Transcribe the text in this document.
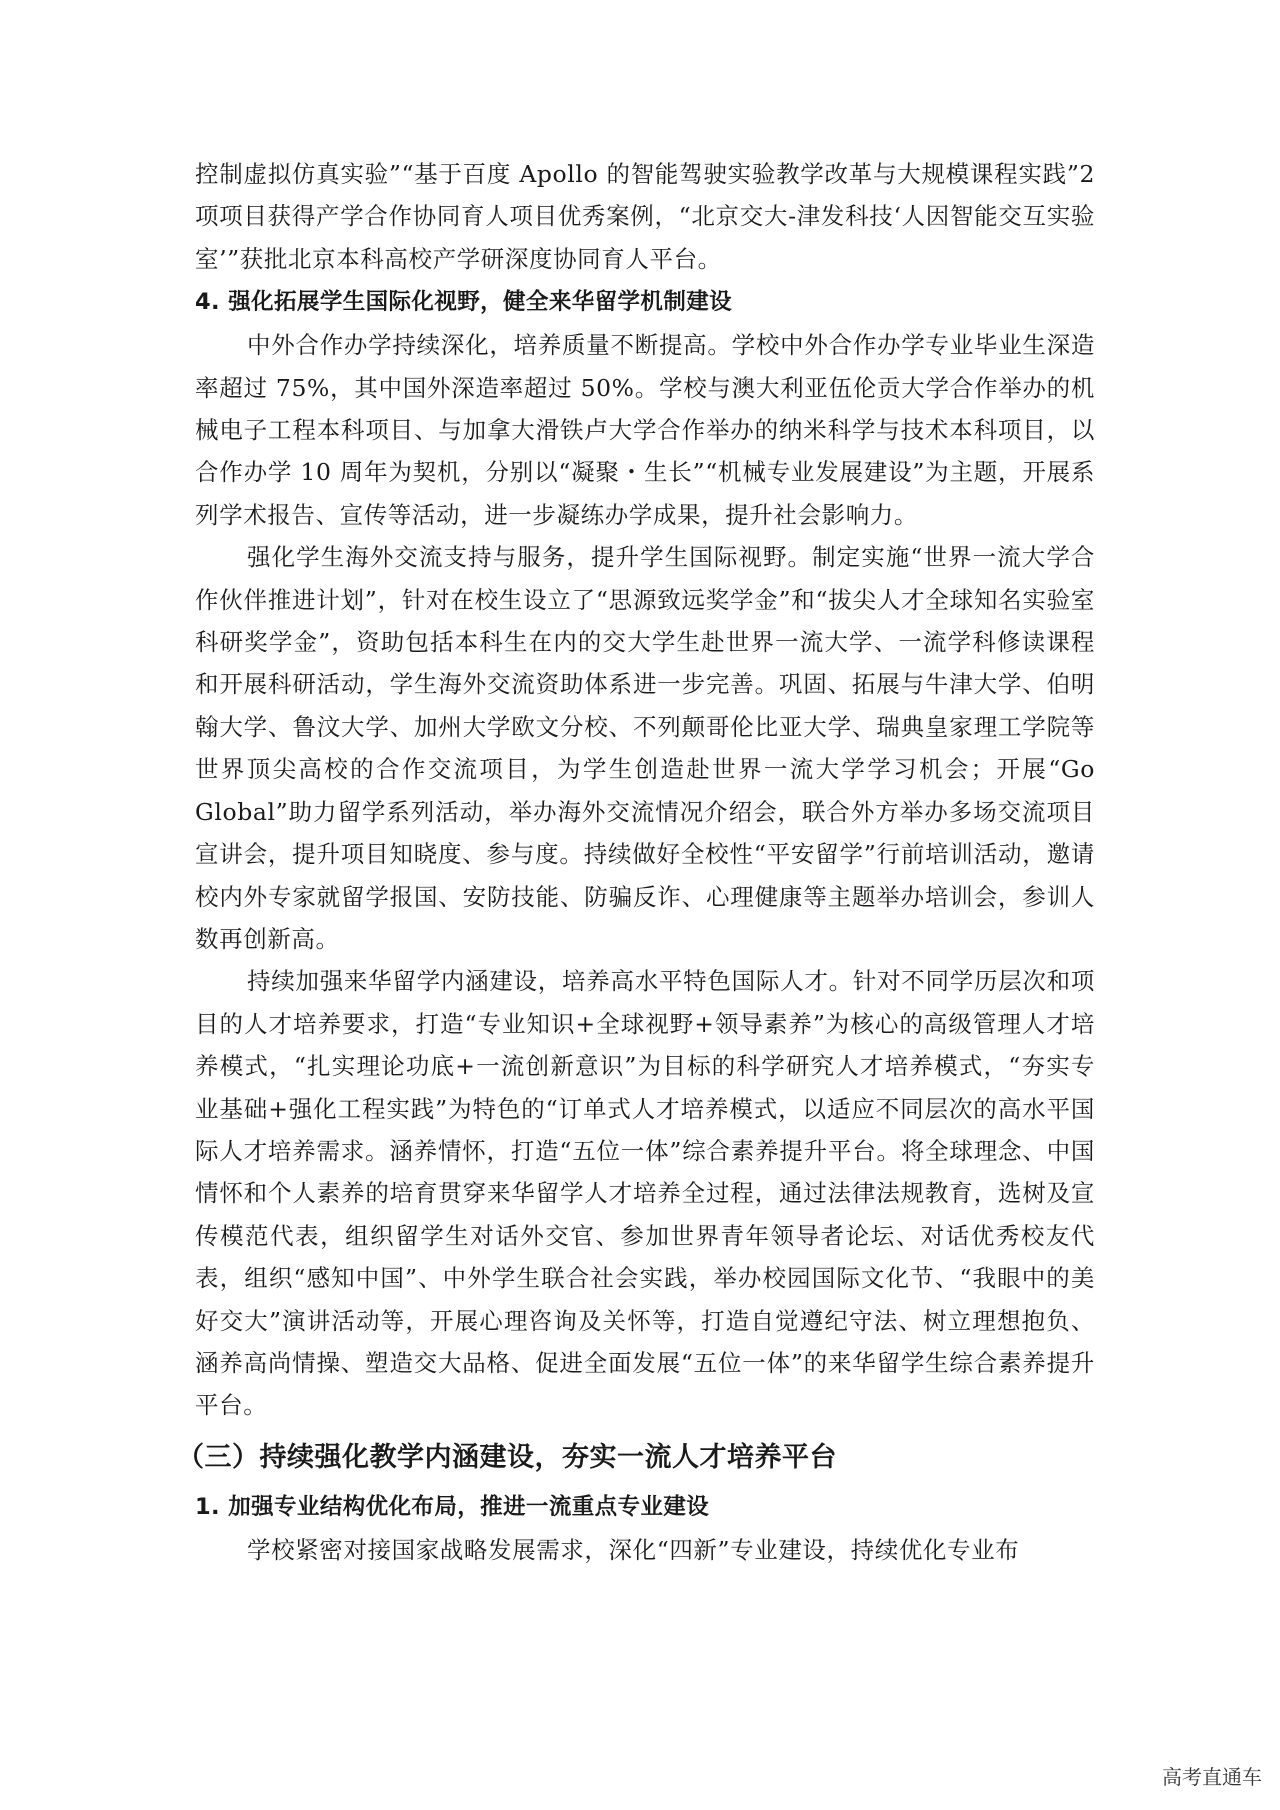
控制虚拟仿真实验”“基于百度 Apollo 的智能驾驶实验教学改革与大规模课程实践”2 项项目获得产学合作协同育人项目优秀案例，“北京交大-津发科技‘人因智能交互实验室’”获批北京本科高校产学研深度协同育人平台。

4. 强化拓展学生国际化视野，健全来华留学机制建设

中外合作办学持续深化，培养质量不断提高。学校中外合作办学专业毕业生深造率超过 75%，其中国外深造率超过 50%。学校与澳大利亚伍伦贡大学合作举办的机械电子工程本科项目、与加拿大滑铁卢大学合作举办的纳米科学与技术本科项目，以合作办学 10 周年为契机，分别以“凝聚・生长”“机械专业发展建设”为主题，开展系列学术报告、宣传等活动，进一步凝练办学成果，提升社会影响力。

强化学生海外交流支持与服务，提升学生国际视野。制定实施“世界一流大学合作伙伴推进计划”，针对在校生设立了“思源致远奖学金”和“拔尖人才全球知名实验室科研奖学金”，资助包括本科生在内的交大学生赴世界一流大学、一流学科修读课程和开展科研活动，学生海外交流资助体系进一步完善。巩固、拓展与牛津大学、伯明翰大学、鲁汶大学、加州大学欧文分校、不列颠哥伦比亚大学、瑞典皇家理工学院等世界顶尖高校的合作交流项目，为学生创造赴世界一流大学学习机会；开展“Go Global”助力留学系列活动，举办海外交流情况介绍会，联合外方举办多场交流项目宣讲会，提升项目知晓度、参与度。持续做好全校性“平安留学”行前培训活动，邀请校内外专家就留学报国、安防技能、防骗反诈、心理健康等主题举办培训会，参训人数再创新高。

持续加强来华留学内涵建设，培养高水平特色国际人才。针对不同学历层次和项目的人才培养要求，打造“专业知识+全球视野+领导素养”为核心的高级管理人才培养模式，“扎实理论功底+一流创新意识”为目标的科学研究人才培养模式，“夯实专业基础+强化工程实践”为特色的“订单式人才培养模式，以适应不同层次的高水平国际人才培养需求。涵养情怀，打造“五位一体”综合素养提升平台。将全球理念、中国情怀和个人素养的培育贯穿来华留学人才培养全过程，通过法律法规教育，选树及宣传模范代表，组织留学生对话外交官、参加世界青年领导者论坛、对话优秀校友代表，组织“感知中国”、中外学生联合社会实践，举办校园国际文化节、“我眼中的美好交大”演讲活动等，开展心理咨询及关怀等，打造自觉遵纪守法、树立理想抱负、涵养高尚情操、塑造交大品格、促进全面发展“五位一体”的来华留学生综合素养提升平台。

（三）持续强化教学内涵建设，夯实一流人才培养平台
1. 加强专业结构优化布局，推进一流重点专业建设

学校紧密对接国家战略发展需求，深化“四新”专业建设，持续优化专业布

高考直通车
